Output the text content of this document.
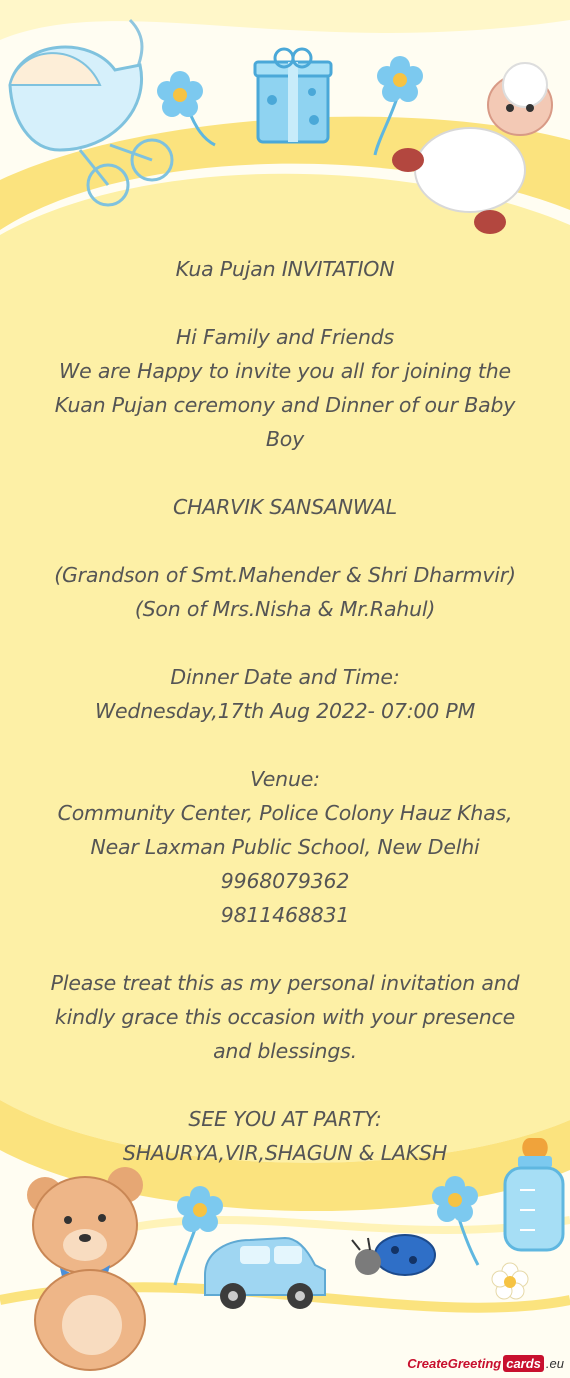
Kua Pujan INVITATION
Hi Family and Friends
We are Happy to invite you all for joining the Kuan Pujan ceremony and Dinner of our Baby Boy
CHARVIK SANSANWAL
(Grandson of Smt.Mahender & Shri Dharmvir)
(Son of Mrs.Nisha & Mr.Rahul)
Dinner Date and Time:
Wednesday,17th Aug 2022- 07:00 PM
Venue:
Community Center, Police Colony Hauz Khas, Near Laxman Public School, New Delhi
9968079362
9811468831
Please treat this as my personal invitation and kindly grace this occasion with your presence and blessings.
SEE YOU AT PARTY:
SHAURYA,VIR,SHAGUN & LAKSH
CreateGreeting cards .eu
